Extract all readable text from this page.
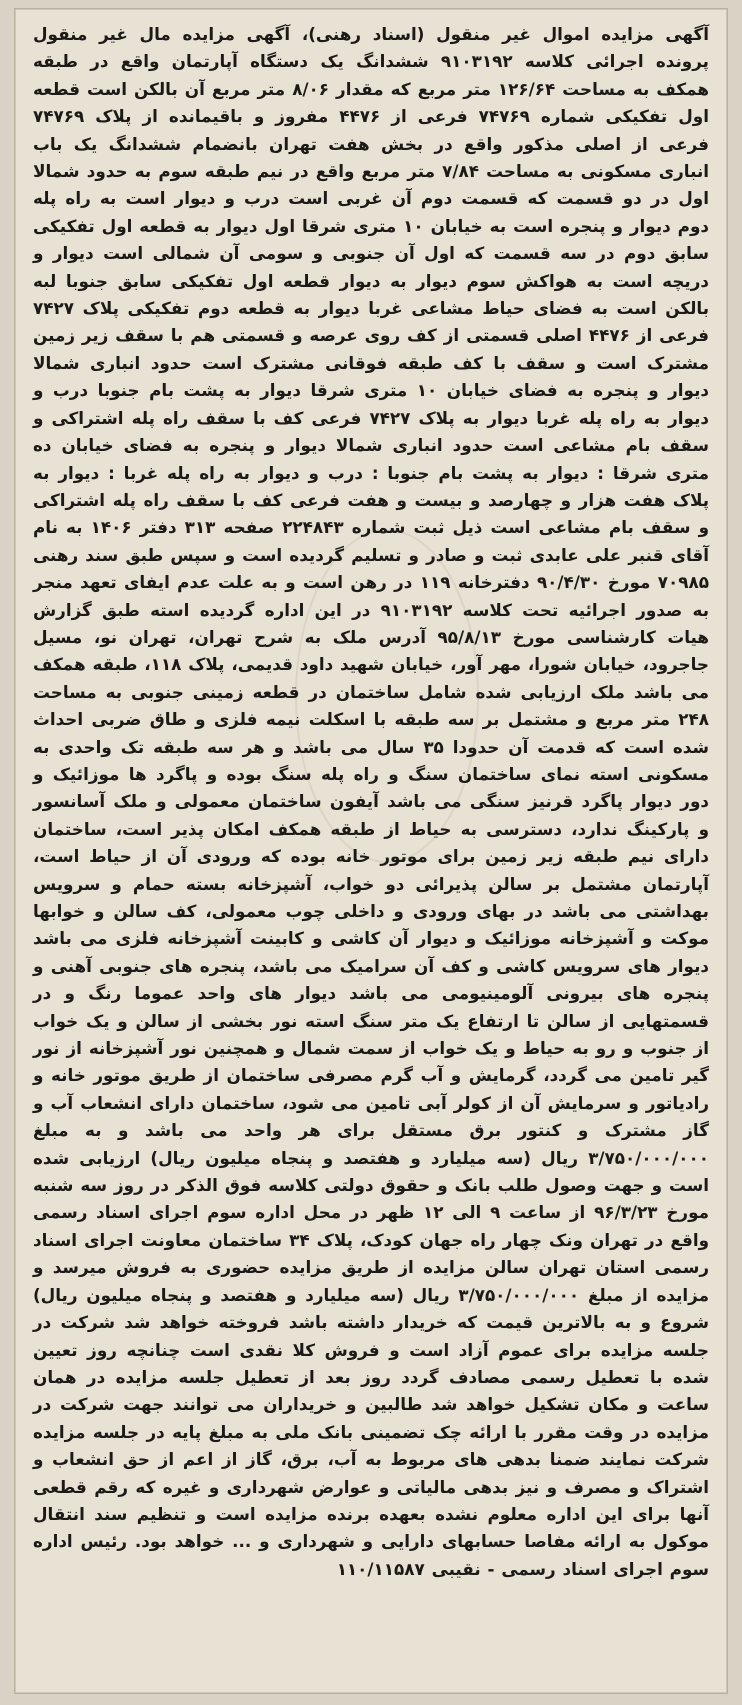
آگهی مزایده اموال غیر منقول (اسناد رهنی)، آگهی مزایده مال غیر منقول پرونده اجرائی کلاسه ۹۱۰۳۱۹۲ ششدانگ یک دستگاه آپارتمان واقع در طبقه همکف به مساحت ۱۲۶/۶۴ متر مربع که مقدار ۸/۰۶ متر مربع آن بالکن است قطعه اول تفکیکی شماره ۷۴۷۶۹ فرعی از ۴۴۷۶ مفروز و باقیمانده از پلاک ۷۴۷۶۹ فرعی از اصلی مذکور واقع در بخش هفت تهران بانضمام ششدانگ یک باب انباری مسکونی به مساحت ۷/۸۴ متر مربع واقع در نیم طبقه سوم به حدود شمالا اول در دو قسمت که قسمت دوم آن غربی است درب و دیوار است به راه پله دوم دیوار و پنجره است به خیابان ۱۰ متری شرقا اول دیوار به قطعه اول تفکیکی سابق دوم در سه قسمت که اول آن جنوبی و سومی آن شمالی است دیوار و دریچه است به هواکش سوم دیوار به دیوار قطعه اول تفکیکی سابق جنوبا لبه بالکن است به فضای حیاط مشاعی غربا دیوار به قطعه دوم تفکیکی پلاک ۷۴۲۷ فرعی از ۴۴۷۶ اصلی قسمتی از کف روی عرصه و قسمتی هم با سقف زیر زمین مشترک است و سقف با کف طبقه فوقانی مشترک است حدود انباری شمالا دیوار و پنجره به فضای خیابان ۱۰ متری شرقا دیوار به پشت بام جنوبا درب و دیوار به راه پله غربا دیوار به پلاک ۷۴۲۷ فرعی کف با سقف راه پله اشتراکی و سقف بام مشاعی است حدود انباری شمالا دیوار و پنجره به فضای خیابان ده متری شرقا : دیوار به پشت بام جنوبا : درب و دیوار به راه پله غربا : دیوار به پلاک هفت هزار و چهارصد و بیست و هفت فرعی کف با سقف راه پله اشتراکی و سقف بام مشاعی است ذیل ثبت شماره ۲۲۴۸۴۳ صفحه ۳۱۳ دفتر ۱۴۰۶ به نام آقای قنبر علی عابدی ثبت و صادر و تسلیم گردیده است و سپس طبق سند رهنی ۷۰۹۸۵ مورخ ۹۰/۴/۳۰ دفترخانه ۱۱۹ در رهن است و به علت عدم ایفای تعهد منجر به صدور اجرائیه تحت کلاسه ۹۱۰۳۱۹۲ در این اداره گردیده استه طبق گزارش هیات کارشناسی مورخ ۹۵/۸/۱۳ آدرس ملک به شرح تهران، تهران نو، مسیل جاجرود، خیابان شورا، مهر آور، خیابان شهید داود قدیمی، پلاک ۱۱۸، طبقه همکف می باشد ملک ارزیابی شده شامل ساختمان در قطعه زمینی جنوبی به مساحت ۲۴۸ متر مربع و مشتمل بر سه طبقه با اسکلت نیمه فلزی و طاق ضربی احداث شده است که قدمت آن حدودا ۳۵ سال می باشد و هر سه طبقه تک واحدی به مسکونی استه نمای ساختمان سنگ و راه پله سنگ بوده و پاگرد ها موزائیک و دور دیوار پاگرد قرنیز سنگی می باشد آیفون ساختمان معمولی و ملک آسانسور و پارکینگ ندارد، دسترسی به حیاط از طبقه همکف امکان پذیر است، ساختمان دارای نیم طبقه زیر زمین برای موتور خانه بوده که ورودی آن از حیاط است، آپارتمان مشتمل بر سالن پذیرائی دو خواب، آشپزخانه بسته حمام و سرویس بهداشتی می باشد در بهای ورودی و داخلی چوب معمولی، کف سالن و خوابها موکت و آشپزخانه موزائیک و دیوار آن کاشی و کابینت آشپزخانه فلزی می باشد دیوار های سرویس کاشی و کف آن سرامیک می باشد، پنجره های جنوبی آهنی و پنجره های بیرونی آلومینیومی می باشد دیوار های واحد عموما رنگ و در قسمتهایی از سالن تا ارتفاع یک متر سنگ استه نور بخشی از سالن و یک خواب از جنوب و رو به حیاط و یک خواب از سمت شمال و همچنین نور آشپزخانه از نور گیر تامین می گردد، گرمایش و آب گرم مصرفی ساختمان از طریق موتور خانه و رادیاتور و سرمایش آن از کولر آبی تامین می شود، ساختمان دارای انشعاب آب و گاز مشترک و کنتور برق مستقل برای هر واحد می باشد و به مبلغ ۳/۷۵۰/۰۰۰/۰۰۰ ریال (سه میلیارد و هفتصد و پنجاه میلیون ریال) ارزیابی شده است و جهت وصول طلب بانک و حقوق دولتی کلاسه فوق الذکر در روز سه شنبه مورخ ۹۶/۳/۲۳ از ساعت ۹ الی ۱۲ ظهر در محل اداره سوم اجرای اسناد رسمی واقع در تهران ونک چهار راه جهان کودک، پلاک ۳۴ ساختمان معاونت اجرای اسناد رسمی استان تهران سالن مزایده از طریق مزایده حضوری به فروش میرسد و مزایده از مبلغ ۳/۷۵۰/۰۰۰/۰۰۰ ریال (سه میلیارد و هفتصد و پنجاه میلیون ریال) شروع و به بالاترین قیمت که خریدار داشته باشد فروخته خواهد شد شرکت در جلسه مزایده برای عموم آزاد است و فروش کلا نقدی است چنانچه روز تعیین شده با تعطیل رسمی مصادف گردد روز بعد از تعطیل جلسه مزایده در همان ساعت و مکان تشکیل خواهد شد طالبین و خریداران می توانند جهت شرکت در مزایده در وقت مقرر با ارائه چک تضمینی بانک ملی به مبلغ پایه در جلسه مزایده شرکت نمایند ضمنا بدهی های مربوط به آب، برق، گاز از اعم از حق انشعاب و اشتراک و مصرف و نیز بدهی مالیاتی و عوارض شهرداری و غیره که رقم قطعی آنها برای این اداره معلوم نشده بعهده برنده مزایده است و تنظیم سند انتقال موکول به ارائه مفاصا حسابهای دارایی و شهرداری و ... خواهد بود. رئیس اداره سوم اجرای اسناد رسمی - نقیبی ۱۱۰/۱۱۵۸۷
